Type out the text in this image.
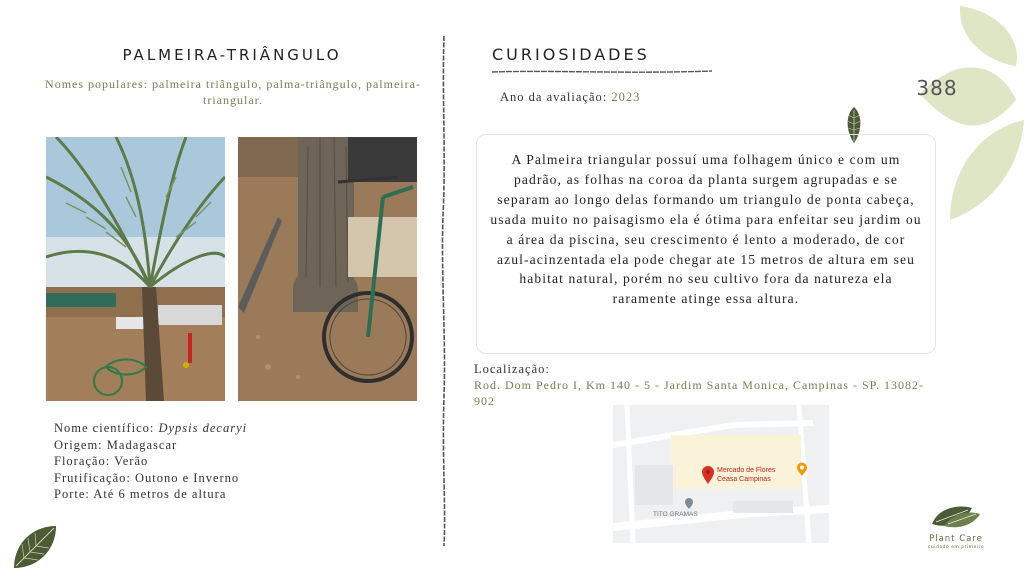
388
PALMEIRA-TRIÂNGULO
Nomes populares: palmeira triângulo, palma-triângulo, palmeira-triangular.
Nome científico: Dypsis decaryi
Origem: Madagascar
Floração: Verão
Frutificação: Outono e Inverno
Porte: Até 6 metros de altura
CURIOSIDADES
Ano da avaliação: 2023
A Palmeira triangular possuí uma folhagem único e com um padrão, as folhas na coroa da planta surgem agrupadas e se separam ao longo delas formando um triangulo de ponta cabeça, usada muito no paisagismo ela é ótima para enfeitar seu jardim ou a área da piscina, seu crescimento é lento a moderado, de cor azul-acinzentada ela pode chegar ate 15 metros de altura em seu habitat natural, porém no seu cultivo fora da natureza ela raramente atinge essa altura.
Localização:
Rod. Dom Pedro I, Km 140 - 5 - Jardim Santa Monica, Campinas - SP. 13082-902
Mercado de Flores
Ceasa Campinas
TITO GRAMAS
Plant Care
cuidado em primeiro
